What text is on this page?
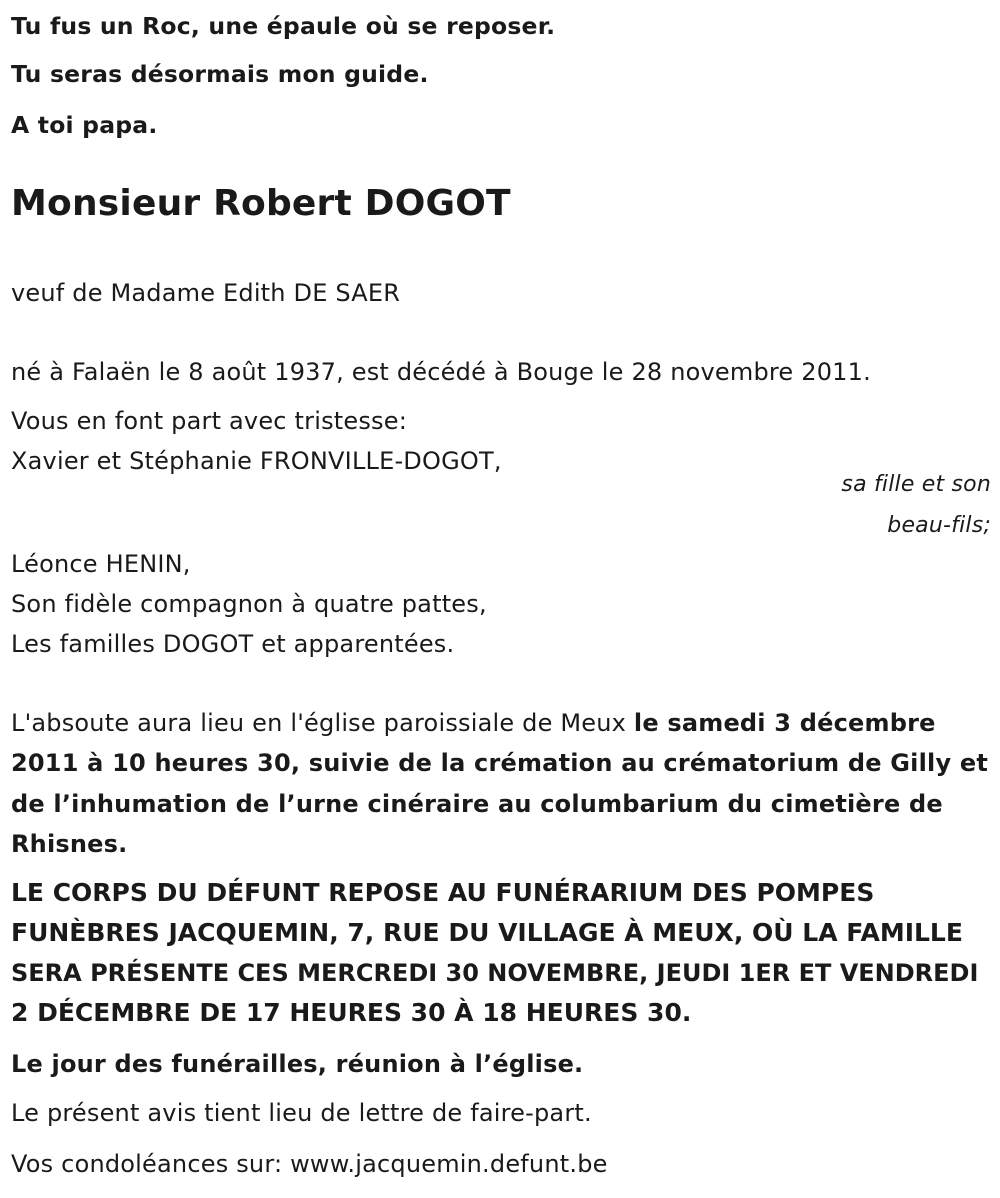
Tu fus un Roc, une épaule où se reposer.
Tu seras désormais mon guide.
A toi papa.
Monsieur Robert DOGOT
veuf de Madame Edith DE SAER
né à Falaën le 8 août 1937, est décédé à Bouge le 28 novembre 2011.
Vous en font part avec tristesse:
Xavier et Stéphanie FRONVILLE-DOGOT,
sa fille et son
beau-fils;
Léonce HENIN,
Son fidèle compagnon à quatre pattes,
Les familles DOGOT et apparentées.
L'absoute aura lieu en l'église paroissiale de Meux le samedi 3 décembre
2011 à 10 heures 30, suivie de la crémation au crématorium de Gilly et
de l’inhumation de l’urne cinéraire au columbarium du cimetière de
Rhisnes.
LE CORPS DU DÉFUNT REPOSE AU FUNÉRARIUM DES POMPES
FUNÈBRES JACQUEMIN, 7, RUE DU VILLAGE À MEUX, OÙ LA FAMILLE
SERA PRÉSENTE CES MERCREDI 30 NOVEMBRE, JEUDI 1ER ET VENDREDI
2 DÉCEMBRE DE 17 HEURES 30 À 18 HEURES 30.
Le jour des funérailles, réunion à l’église.
Le présent avis tient lieu de lettre de faire-part.
Vos condoléances sur: www.jacquemin.defunt.be
